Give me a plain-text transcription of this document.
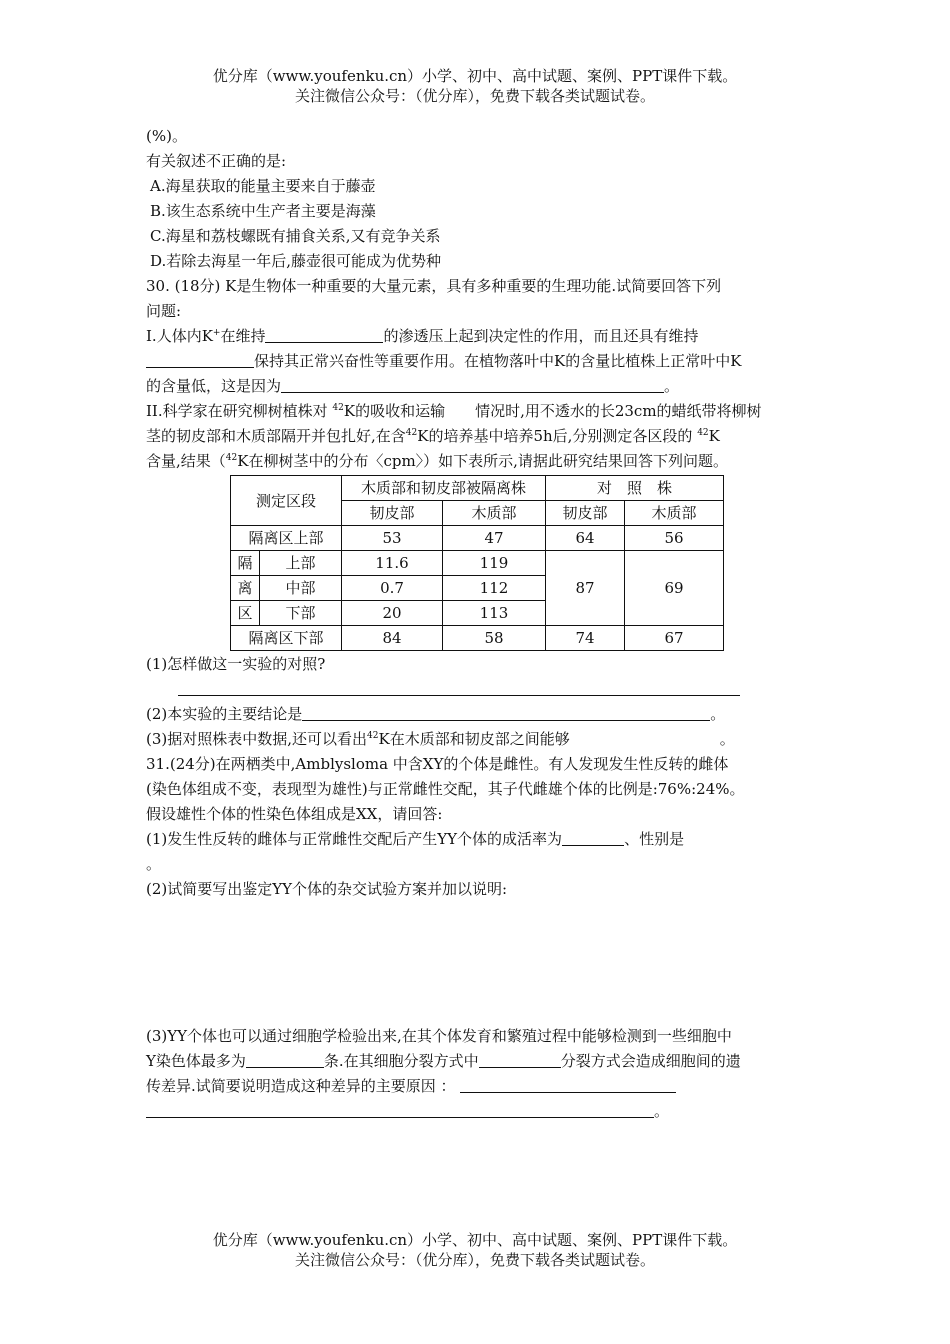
优分库（www.youfenku.cn）小学、初中、高中试题、案例、PPT课件下载。
关注微信公众号：（优分库），免费下载各类试题试卷。
(%)。
有关叙述不正确的是:
A.海星获取的能量主要来自于藤壶
B.该生态系统中生产者主要是海藻
C.海星和荔枝螺既有捕食关系,又有竞争关系
D.若除去海星一年后,藤壶很可能成为优势种
30. (18分) K是生物体一种重要的大量元素，具有多种重要的生理功能.试简要回答下列
问题:
I.人体内K+在维持	的渗透压上起到决定性的作用，而且还具有维持
保持其正常兴奋性等重要作用。在植物落叶中K的含量比植株上正常叶中K
的含量低，这是因为	。
II.科学家在研究柳树植株对 $^{42}$K的吸收和运输   情况时,用不透水的长23cm的蜡纸带将柳树
茎的韧皮部和木质部隔开并包扎好,在含$^{42}$K的培养基中培养5h后,分别测定各区段的 $^{42}$K
含量,结果（$^{42}$K在柳树茎中的分布〈cpm〉）如下表所示,请据此研究结果回答下列问题。
测定区段		木质部和韧皮部被隔离株		对　照　株	
		韧皮部	木质部	韧皮部	木质部
隔离区上部		53	47	64	56
隔	上部	11.6	119	87	69
离	中部	0.7	112		
区	下部	20	113		
隔离区下部		84	58	74	67
(1)怎样做这一实验的对照?
(2)本实验的主要结论是	。
(3)据对照株表中数据,还可以看出$^{42}$K在木质部和韧皮部之间能够	。
31.(24分)在两栖类中,Amblysloma 中含XY的个体是雌性。有人发现发生性反转的雌体
(染色体组成不变，表现型为雄性)与正常雌性交配，其子代雌雄个体的比例是:76%:24%。
假设雄性个体的性染色体组成是XX，请回答:
(1)发生性反转的雌体与正常雌性交配后产生YY个体的成活率为	、性别是
。
(2)试简要写出鉴定YY个体的杂交试验方案并加以说明:
(3)YY个体也可以通过细胞学检验出来,在其个体发育和繁殖过程中能够检测到一些细胞中
Y染色体最多为	条.在其细胞分裂方式中	分裂方式会造成细胞间的遗
传差异.试简要说明造成这种差异的主要原因 ：
。
优分库（www.youfenku.cn）小学、初中、高中试题、案例、PPT课件下载。
关注微信公众号：（优分库），免费下载各类试题试卷。
